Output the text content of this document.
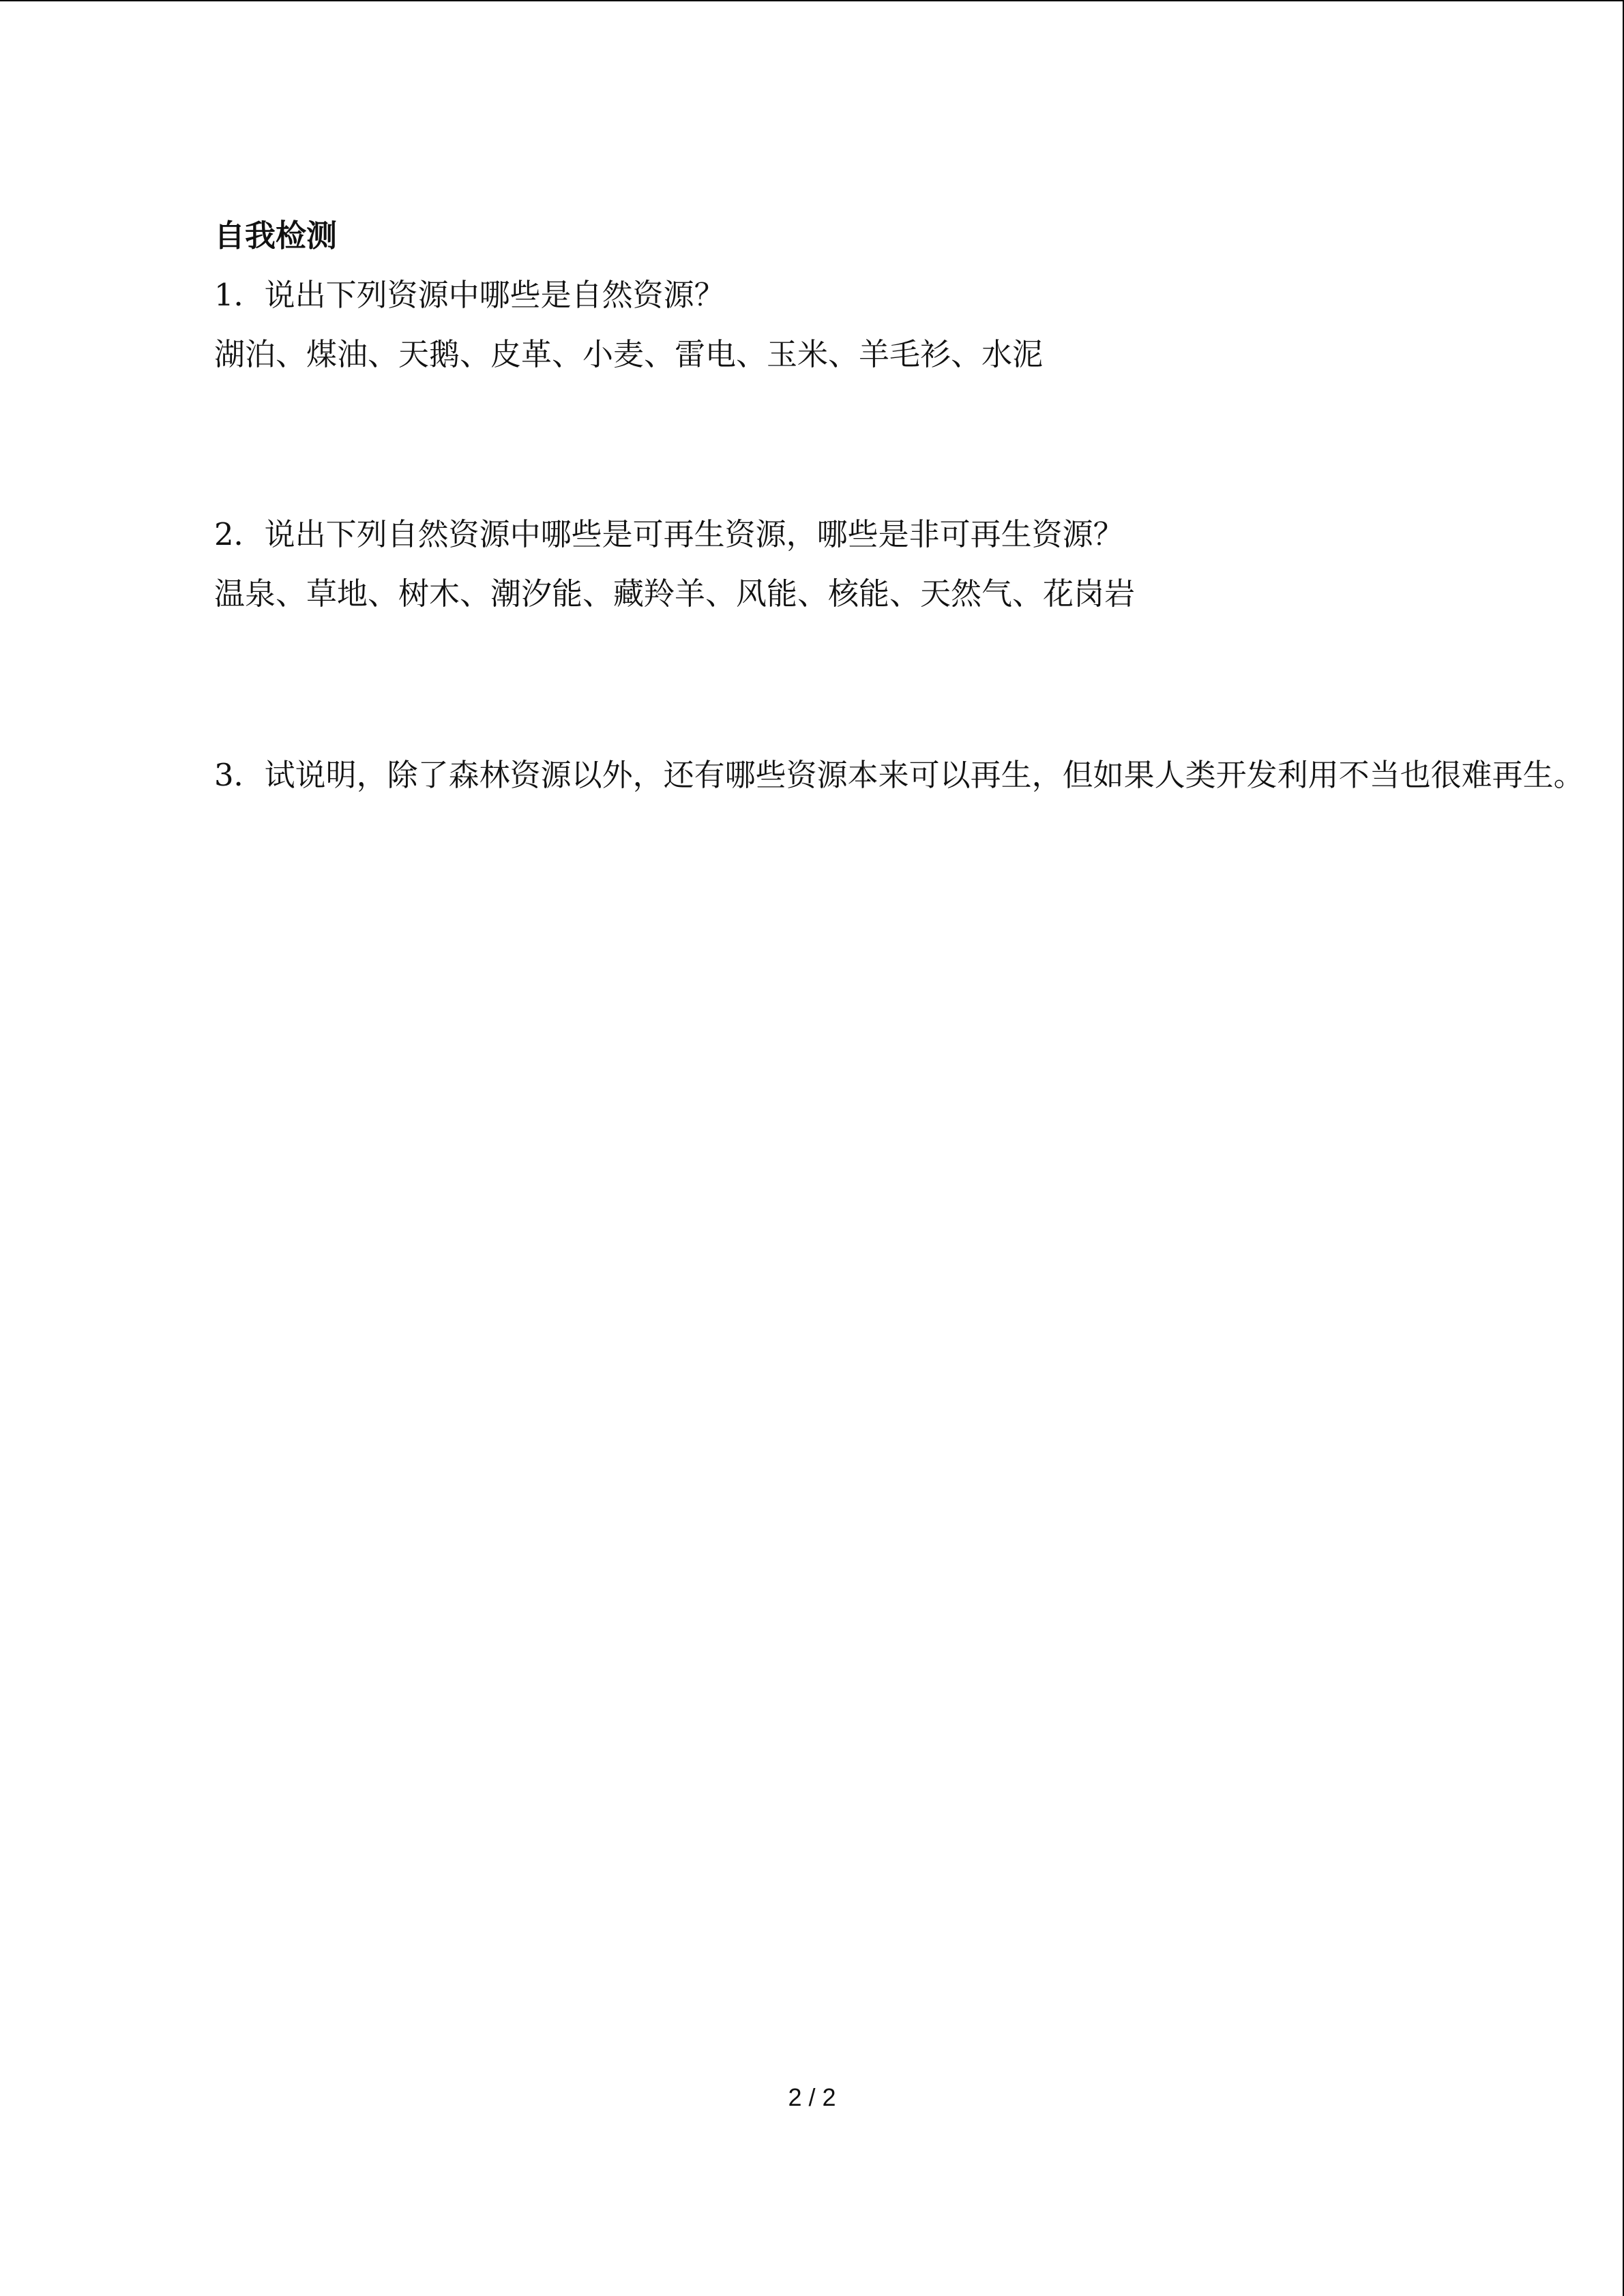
自我检测
1．说出下列资源中哪些是自然资源？
湖泊、煤油、天鹅、皮革、小麦、雷电、玉米、羊毛衫、水泥
2．说出下列自然资源中哪些是可再生资源，哪些是非可再生资源？
温泉、草地、树木、潮汐能、藏羚羊、风能、核能、天然气、花岗岩
3．试说明，除了森林资源以外，还有哪些资源本来可以再生，但如果人类开发利用不当也很难再生。
2 / 2
